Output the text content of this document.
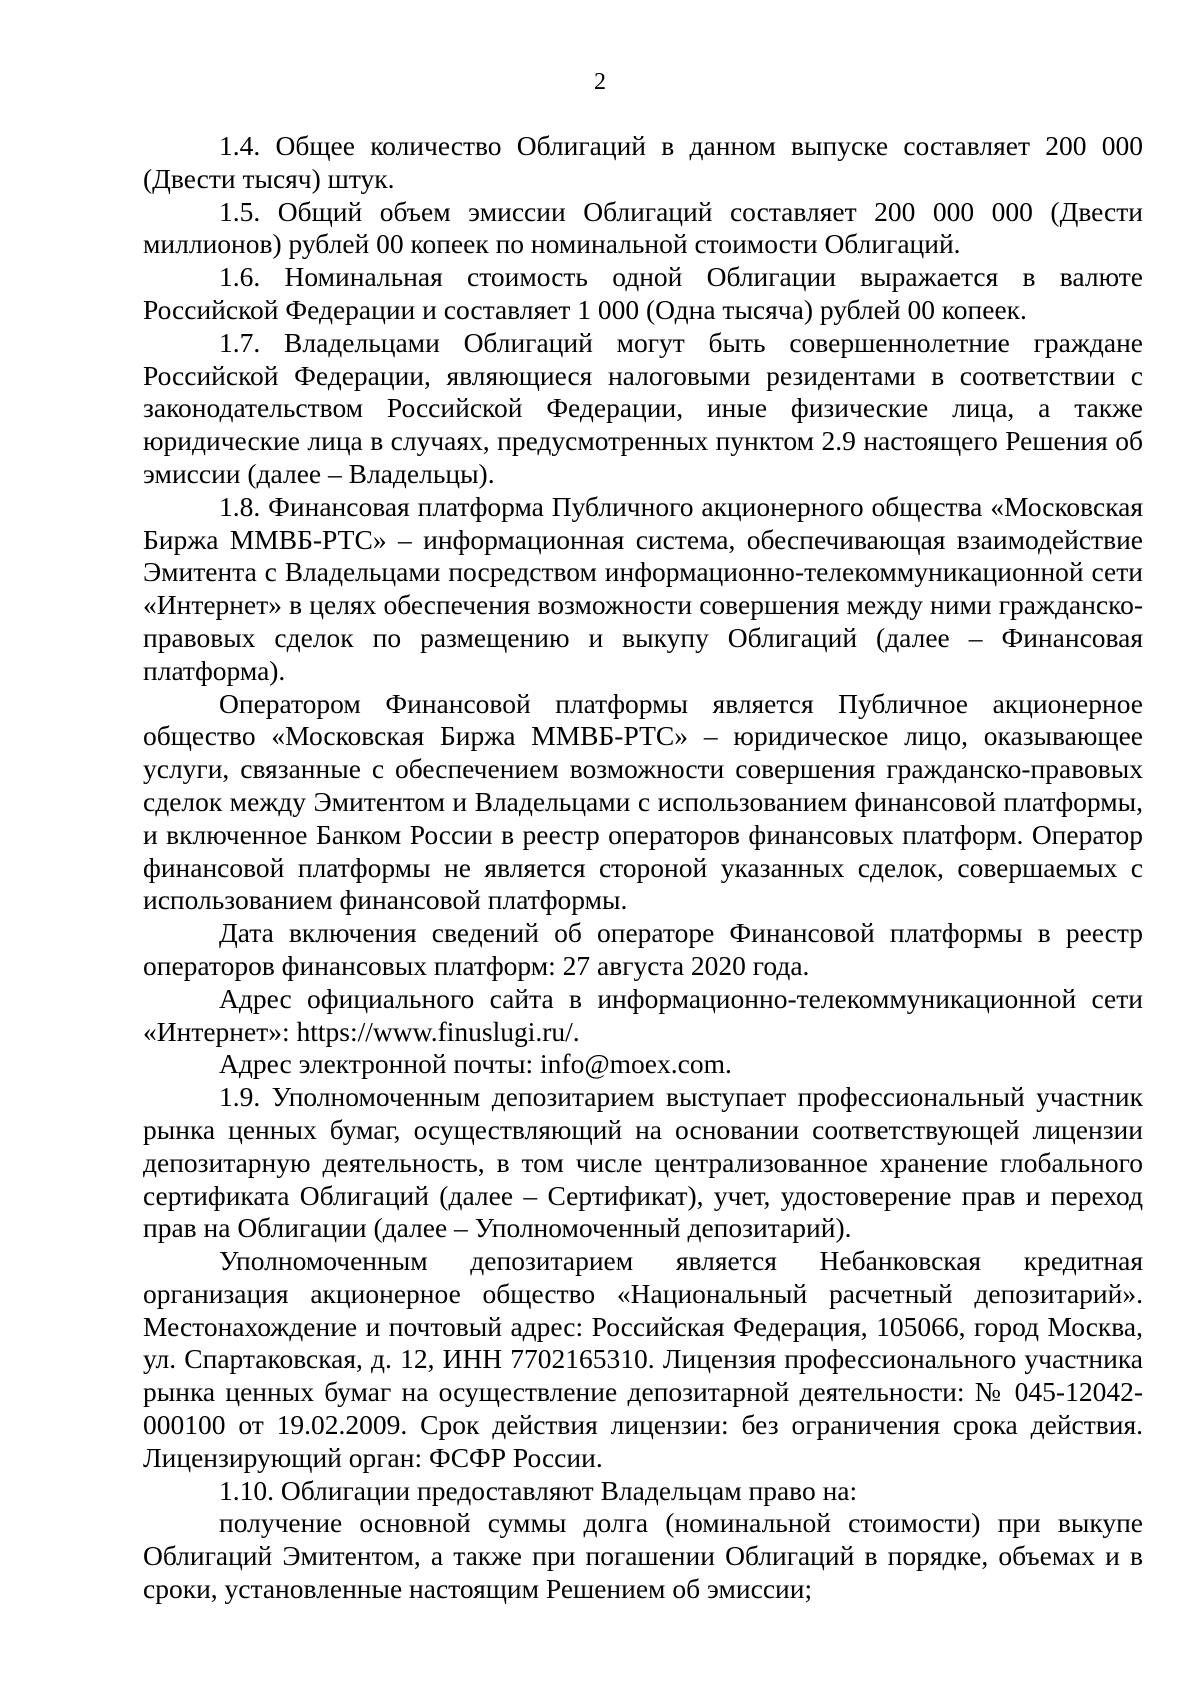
2

1.4. Общее количество Облигаций в данном выпуске составляет 200 000 (Двести тысяч) штук.

1.5. Общий объем эмиссии Облигаций составляет 200 000 000 (Двести миллионов) рублей 00 копеек по номинальной стоимости Облигаций.

1.6. Номинальная стоимость одной Облигации выражается в валюте Российской Федерации и составляет 1 000 (Одна тысяча) рублей 00 копеек.

1.7. Владельцами Облигаций могут быть совершеннолетние граждане Российской Федерации, являющиеся налоговыми резидентами в соответствии с законодательством Российской Федерации, иные физические лица, а также юридические лица в случаях, предусмотренных пунктом 2.9 настоящего Решения об эмиссии (далее – Владельцы).

1.8. Финансовая платформа Публичного акционерного общества «Московская Биржа ММВБ-РТС» – информационная система, обеспечивающая взаимодействие Эмитента с Владельцами посредством информационно-телекоммуникационной сети «Интернет» в целях обеспечения возможности совершения между ними гражданско-правовых сделок по размещению и выкупу Облигаций (далее – Финансовая платформа).

Оператором Финансовой платформы является Публичное акционерное общество «Московская Биржа ММВБ-РТС» – юридическое лицо, оказывающее услуги, связанные с обеспечением возможности совершения гражданско-правовых сделок между Эмитентом и Владельцами с использованием финансовой платформы, и включенное Банком России в реестр операторов финансовых платформ. Оператор финансовой платформы не является стороной указанных сделок, совершаемых с использованием финансовой платформы.

Дата включения сведений об операторе Финансовой платформы в реестр операторов финансовых платформ: 27 августа 2020 года.

Адрес официального сайта в информационно-телекоммуникационной сети «Интернет»: https://www.finuslugi.ru/.

Адрес электронной почты: info@moex.com.

1.9. Уполномоченным депозитарием выступает профессиональный участник рынка ценных бумаг, осуществляющий на основании соответствующей лицензии депозитарную деятельность, в том числе централизованное хранение глобального сертификата Облигаций (далее – Сертификат), учет, удостоверение прав и переход прав на Облигации (далее – Уполномоченный депозитарий).

Уполномоченным депозитарием является Небанковская кредитная организация акционерное общество «Национальный расчетный депозитарий». Местонахождение и почтовый адрес: Российская Федерация, 105066, город Москва, ул. Спартаковская, д. 12, ИНН 7702165310. Лицензия профессионального участника рынка ценных бумаг на осуществление депозитарной деятельности: № 045-12042-000100 от 19.02.2009. Срок действия лицензии: без ограничения срока действия. Лицензирующий орган: ФСФР России.

1.10. Облигации предоставляют Владельцам право на:

получение основной суммы долга (номинальной стоимости) при выкупе Облигаций Эмитентом, а также при погашении Облигаций в порядке, объемах и в сроки, установленные настоящим Решением об эмиссии;
